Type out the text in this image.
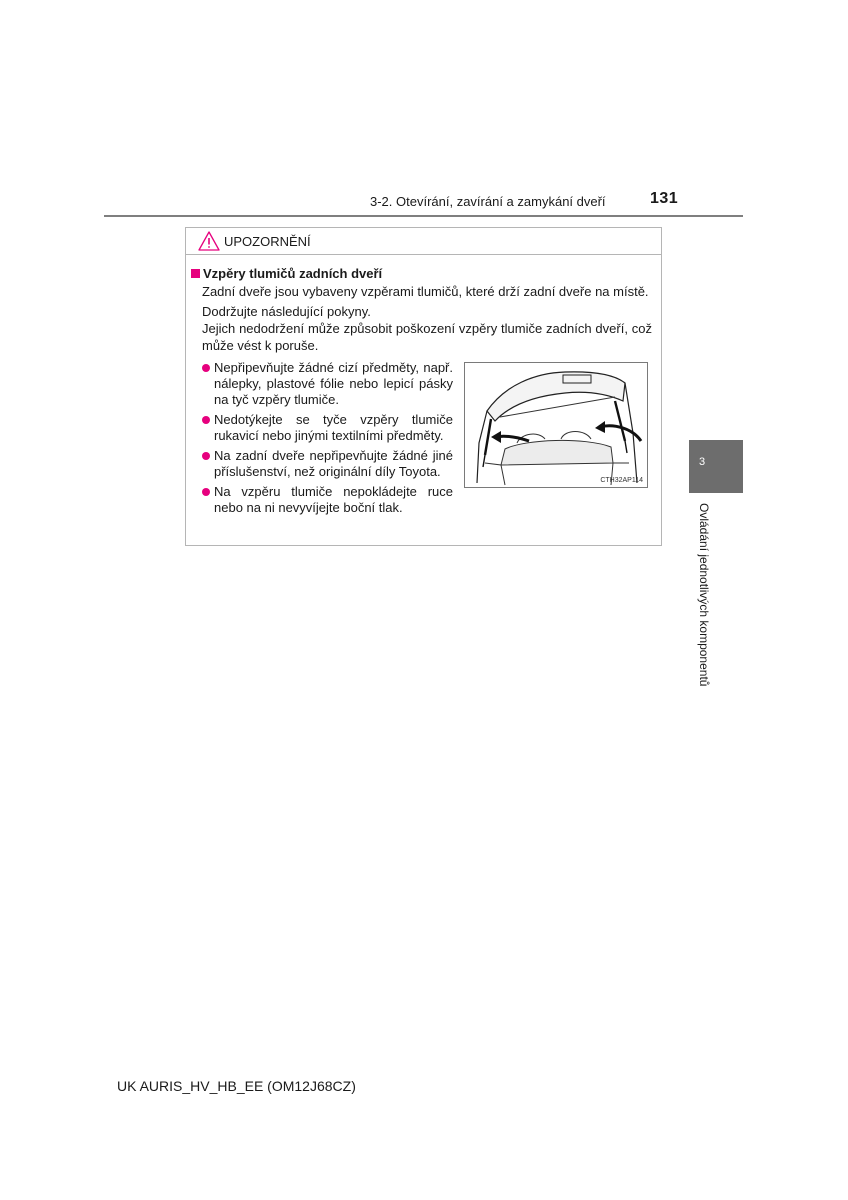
3-2. Otevírání, zavírání a zamykání dveří	131
UPOZORNĚNÍ
Vzpěry tlumičů zadních dveří
Zadní dveře jsou vybaveny vzpěrami tlumičů, které drží zadní dveře na místě.
Dodržujte následující pokyny.
Jejich nedodržení může způsobit poškození vzpěry tlumiče zadních dveří, což může vést k poruše.
Nepřipevňujte žádné cizí předměty, např. nálepky, plastové fólie nebo lepicí pásky na tyč vzpěry tlumiče.
Nedotýkejte se tyče vzpěry tlumiče rukavicí nebo jinými textilními předměty.
Na zadní dveře nepřipevňujte žádné jiné příslušenství, než originální díly Toyota.
Na vzpěru tlumiče nepokládejte ruce nebo na ni nevyvíjejte boční tlak.
CTH32AP114
3
Ovládání jednotlivých komponentů
UK AURIS_HV_HB_EE (OM12J68CZ)
